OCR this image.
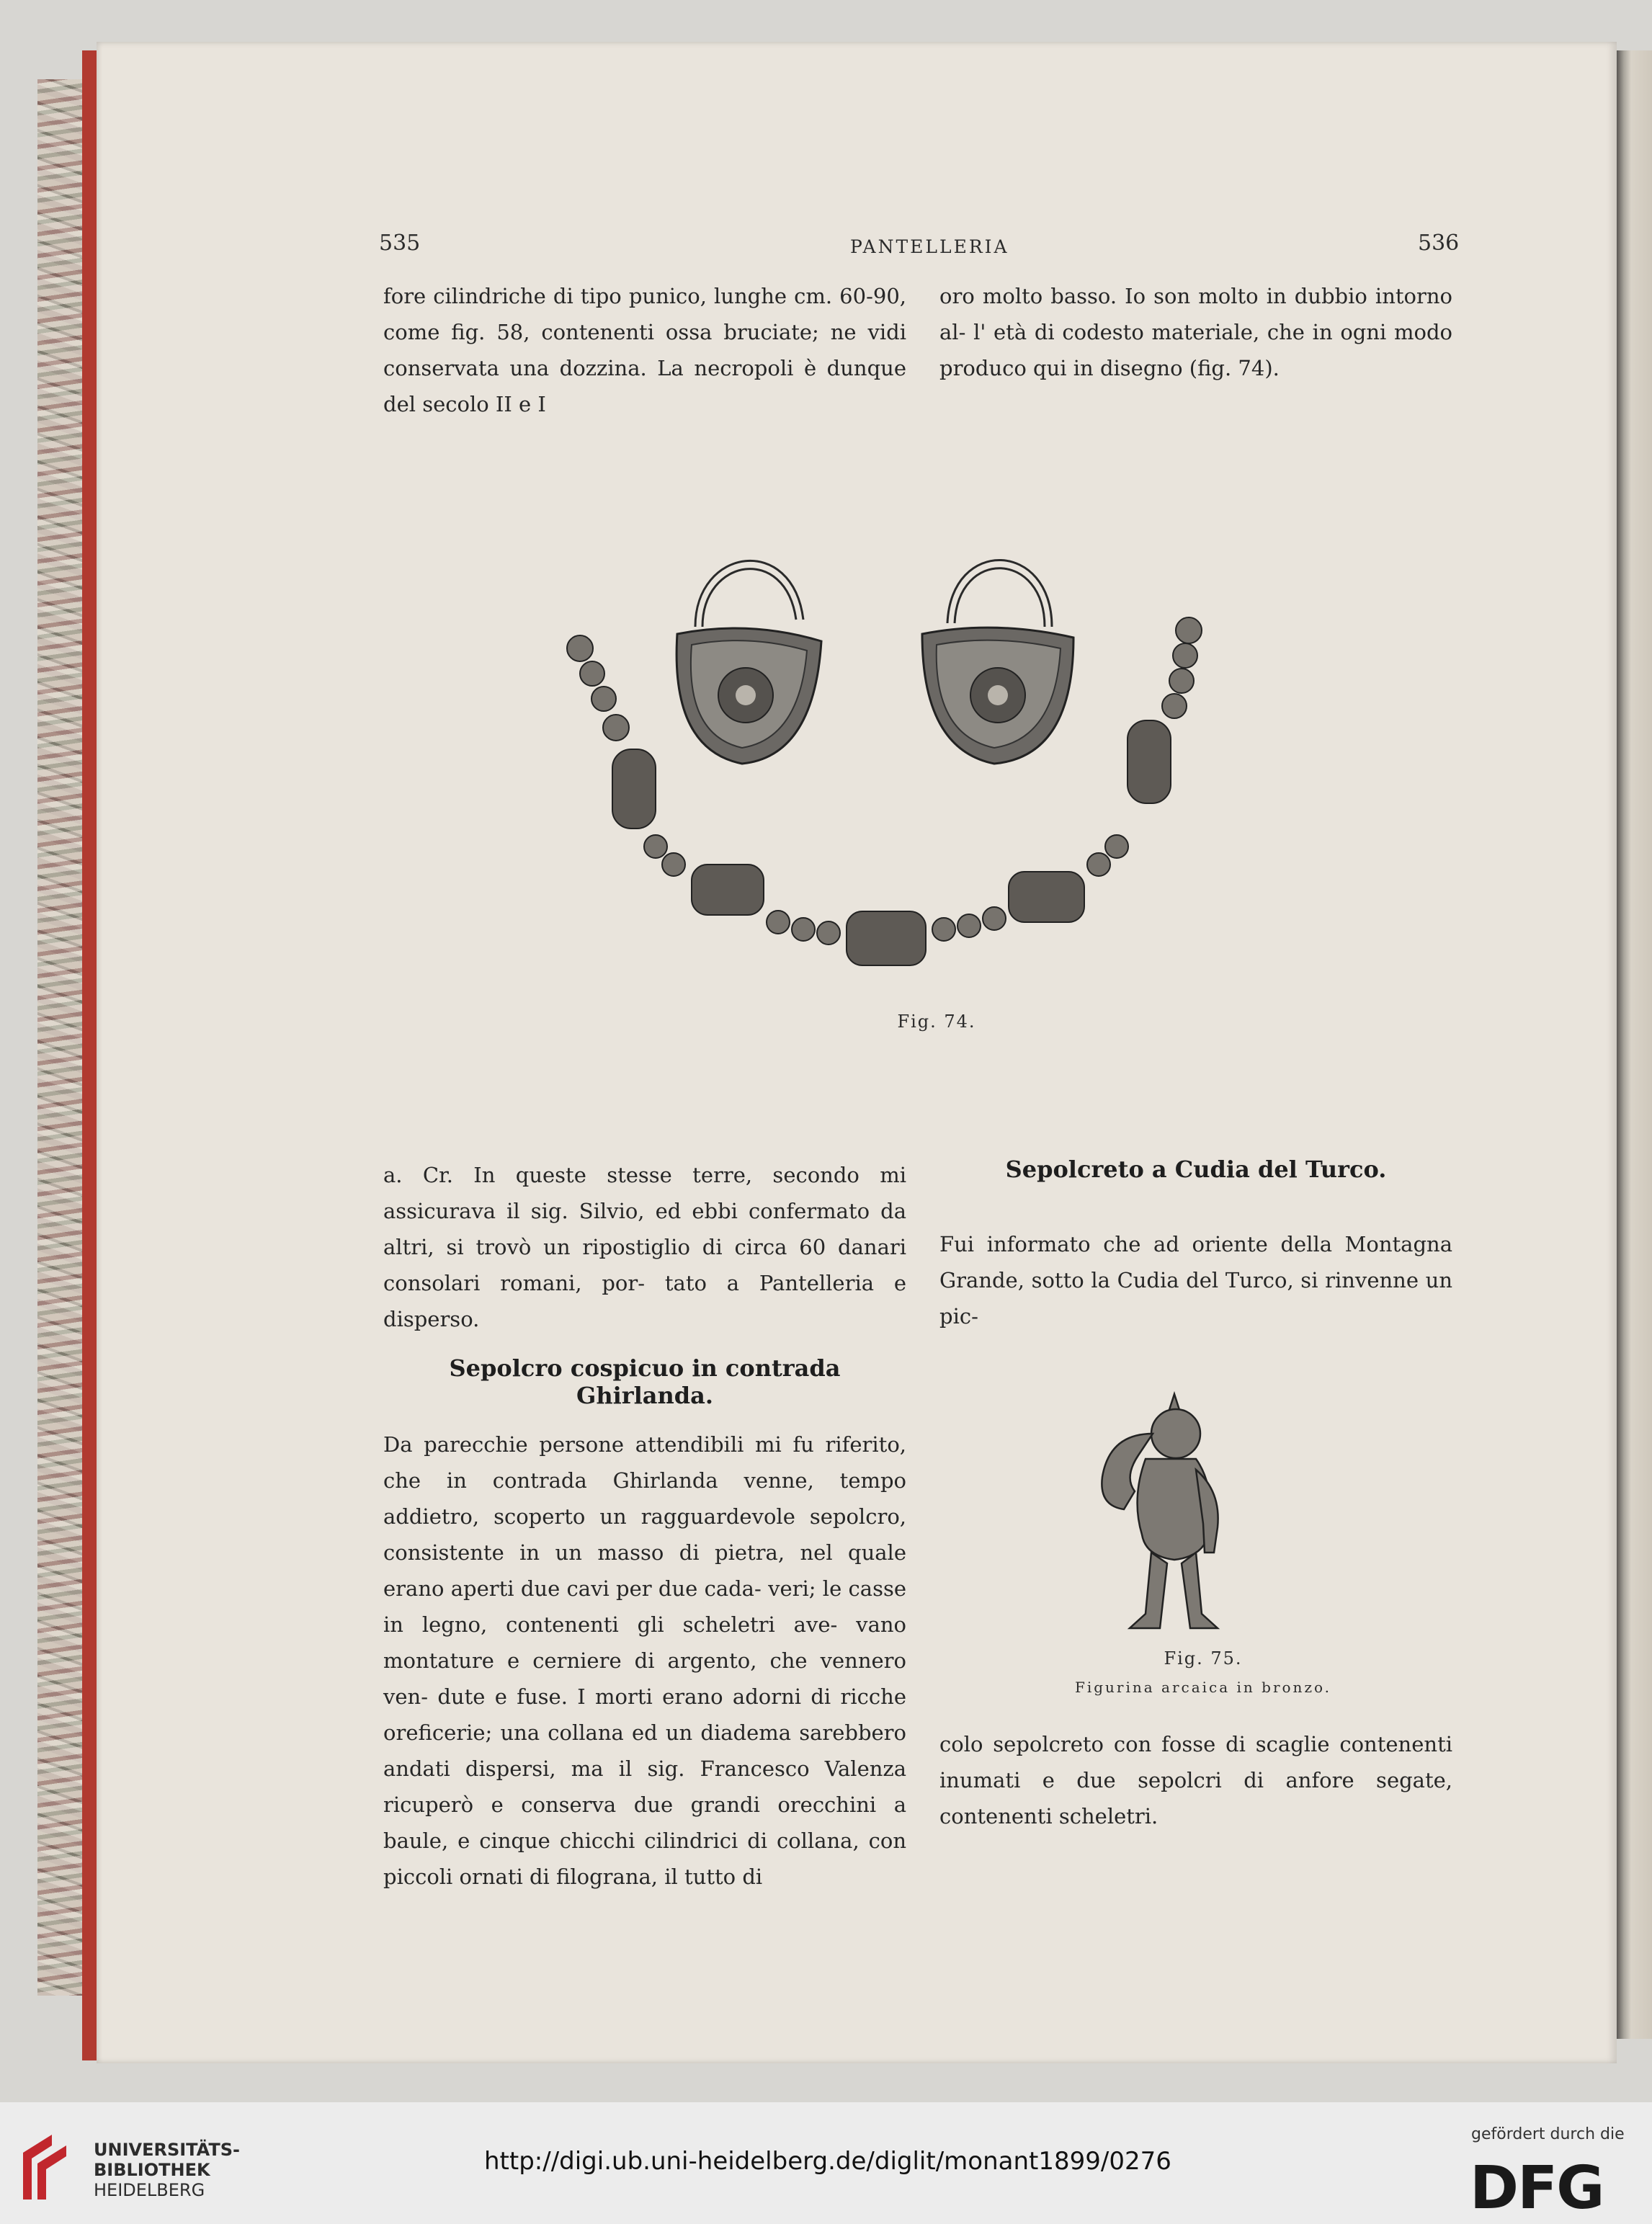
535	PANTELLERIA	536

fore cilindriche di tipo punico, lunghe cm. 60-90, come fig. 58, contenenti ossa bruciate; ne vidi conservata una dozzina. La necropoli è dunque del secolo II e I

oro molto basso. Io son molto in dubbio intorno al- l' età di codesto materiale, che in ogni modo produco qui in disegno (fig. 74).

Fig. 74.

a. Cr. In queste stesse terre, secondo mi assicurava il sig. Silvio, ed ebbi confermato da altri, si trovò un ripostiglio di circa 60 danari consolari romani, por- tato a Pantelleria e disperso.

Sepolcreto a Cudia del Turco.

Fui informato che ad oriente della Montagna Grande, sotto la Cudia del Turco, si rinvenne un pic-

Sepolcro cospicuo in contrada Ghirlanda.

Da parecchie persone attendibili mi fu riferito, che in contrada Ghirlanda venne, tempo addietro, scoperto un ragguardevole sepolcro, consistente in un masso di pietra, nel quale erano aperti due cavi per due cada- veri; le casse in legno, contenenti gli scheletri ave- vano montature e cerniere di argento, che vennero ven- dute e fuse. I morti erano adorni di ricche oreficerie; una collana ed un diadema sarebbero andati dispersi, ma il sig. Francesco Valenza ricuperò e conserva due grandi orecchini a baule, e cinque chicchi cilindrici di collana, con piccoli ornati di filograna, il tutto di

Fig. 75.
Figurina arcaica in bronzo.

colo sepolcreto con fosse di scaglie contenenti inumati e due sepolcri di anfore segate, contenenti scheletri.

UNIVERSITÄTS-
BIBLIOTHEK
HEIDELBERG
http://digi.ub.uni-heidelberg.de/diglit/monant1899/0276
gefördert durch die
DFG
